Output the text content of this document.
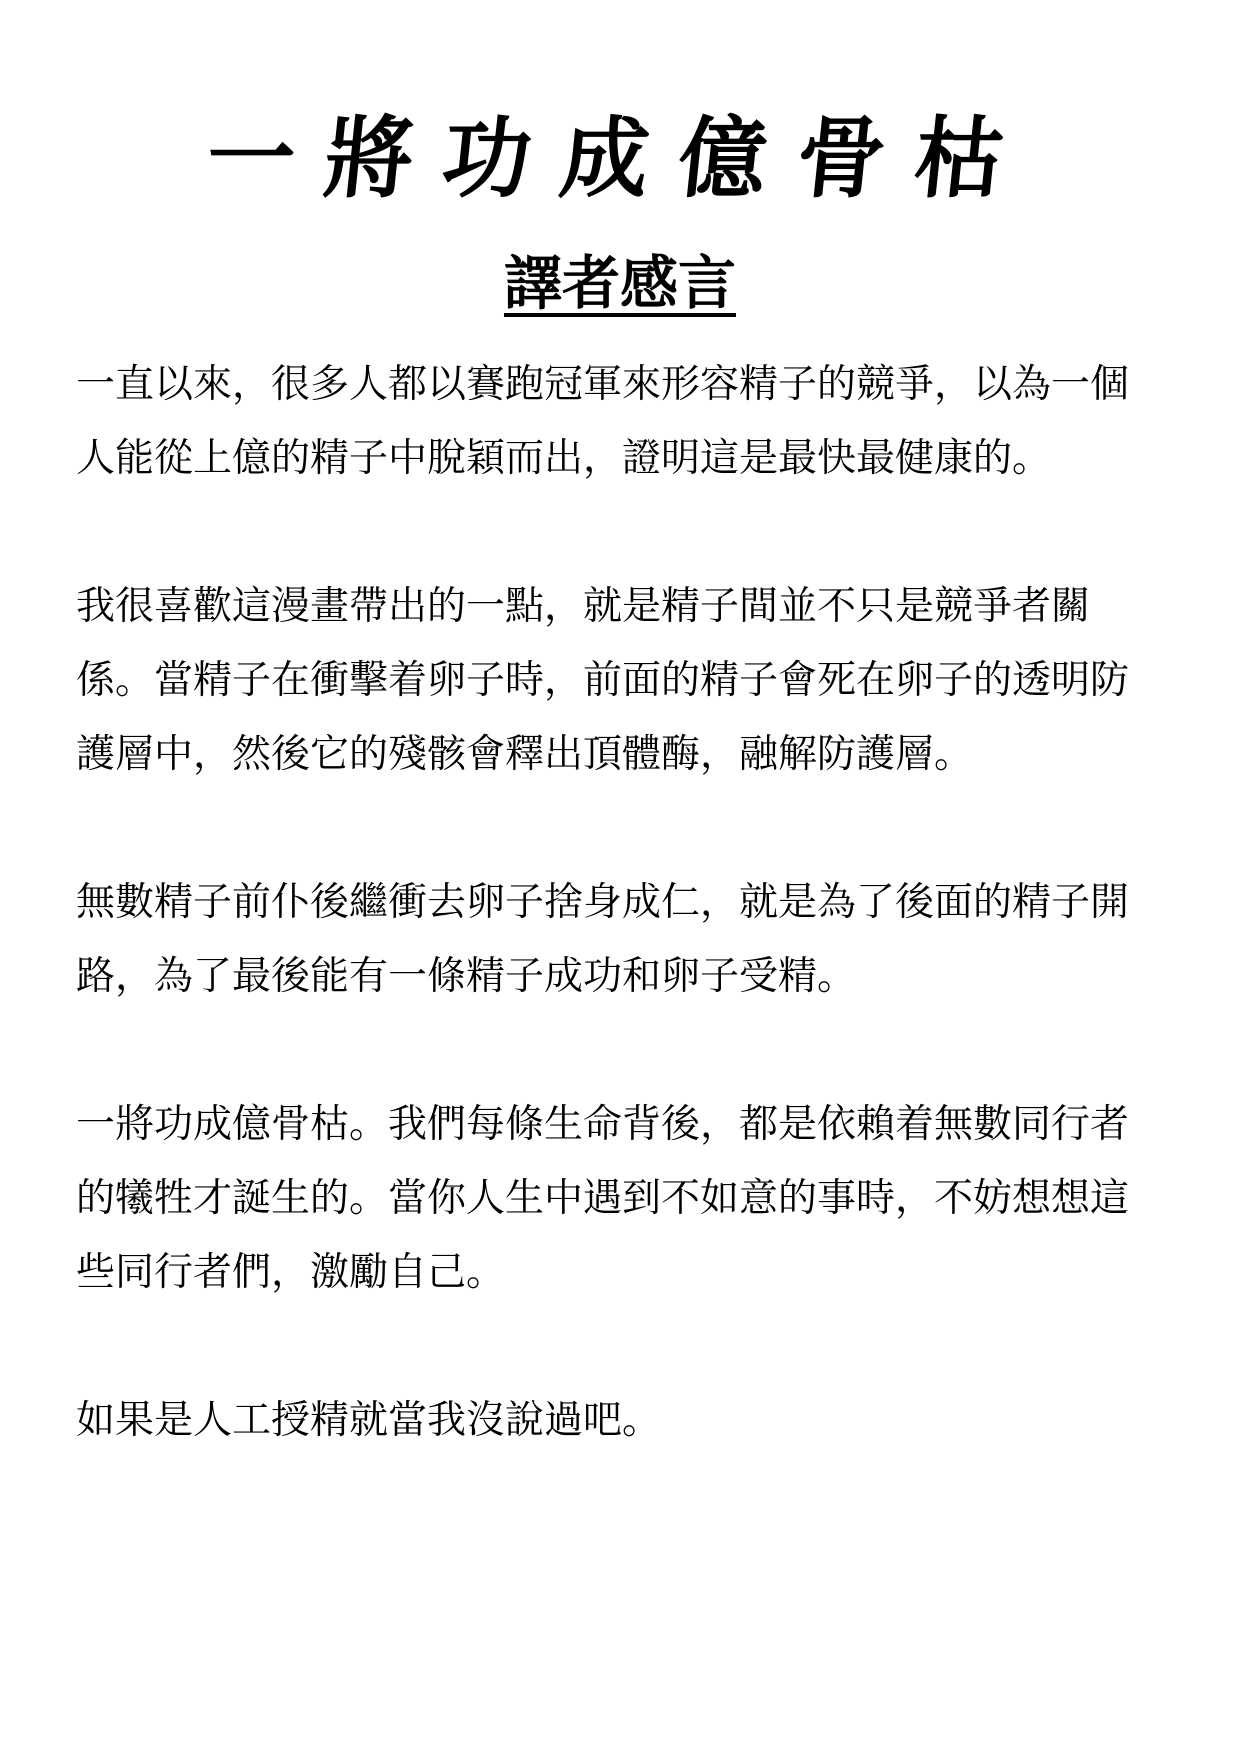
一將功成億骨枯
譯者感言

一直以來，很多人都以賽跑冠軍來形容精子的競爭，以為一個人能從上億的精子中脫穎而出，證明這是最快最健康的。

我很喜歡這漫畫帶出的一點，就是精子間並不只是競爭者關係。當精子在衝擊着卵子時，前面的精子會死在卵子的透明防護層中，然後它的殘骸會釋出頂體酶，融解防護層。

無數精子前仆後繼衝去卵子捨身成仁，就是為了後面的精子開路，為了最後能有一條精子成功和卵子受精。

一將功成億骨枯。我們每條生命背後，都是依賴着無數同行者的犧牲才誕生的。當你人生中遇到不如意的事時，不妨想想這些同行者們，激勵自己。

如果是人工授精就當我沒說過吧。
